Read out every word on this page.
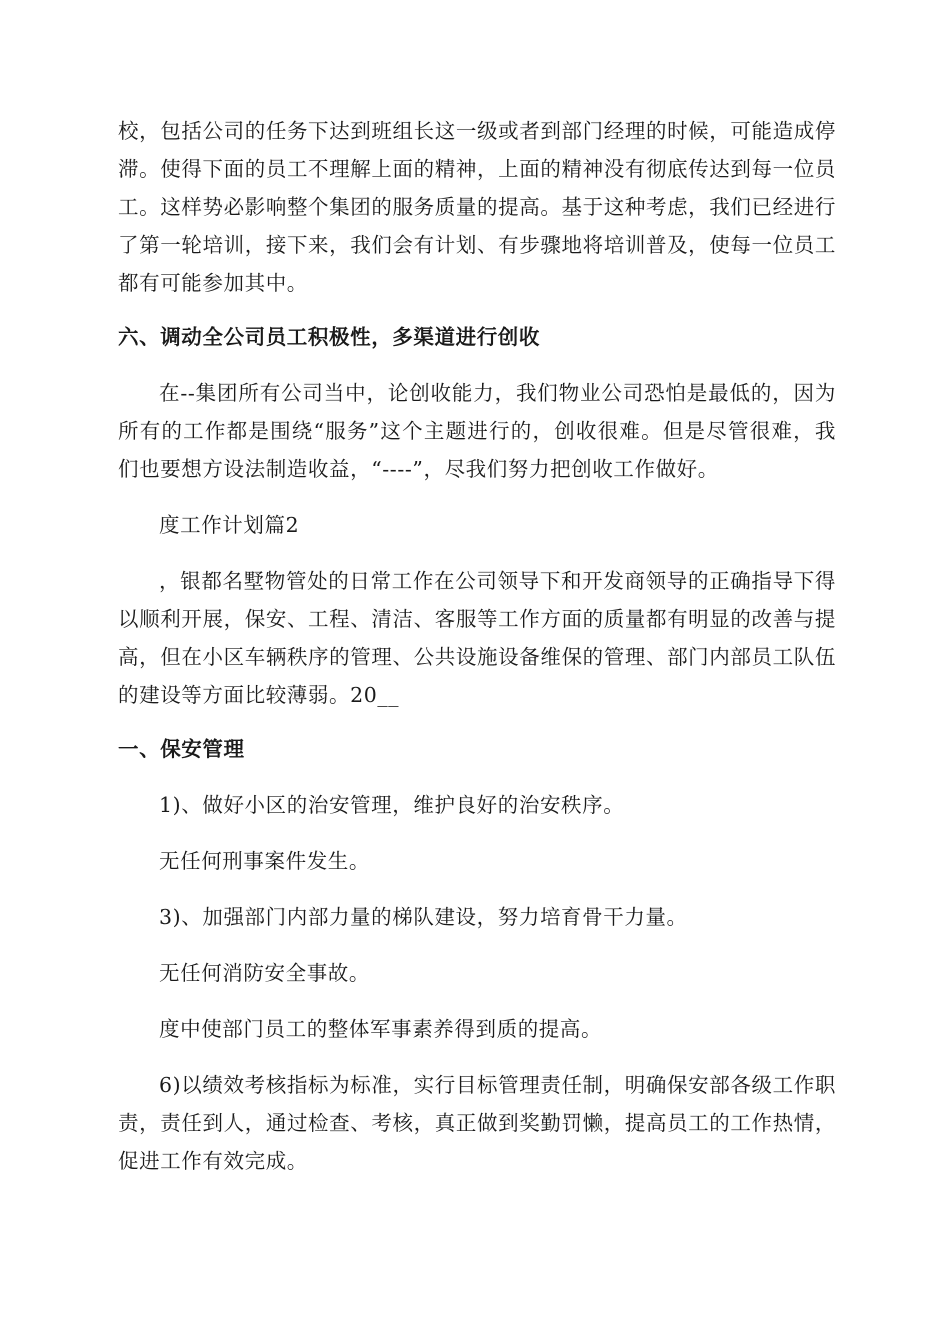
校，包括公司的任务下达到班组长这一级或者到部门经理的时候，可能造成停滞。使得下面的员工不理解上面的精神，上面的精神没有彻底传达到每一位员工。这样势必影响整个集团的服务质量的提高。基于这种考虑，我们已经进行了第一轮培训，接下来，我们会有计划、有步骤地将培训普及，使每一位员工都有可能参加其中。

六、调动全公司员工积极性，多渠道进行创收

在--集团所有公司当中，论创收能力，我们物业公司恐怕是最低的，因为所有的工作都是围绕“服务”这个主题进行的，创收很难。但是尽管很难，我们也要想方设法制造收益，“----”，尽我们努力把创收工作做好。

度工作计划篇2

，银都名墅物管处的日常工作在公司领导下和开发商领导的正确指导下得以顺利开展，保安、工程、清洁、客服等工作方面的质量都有明显的改善与提高，但在小区车辆秩序的管理、公共设施设备维保的管理、部门内部员工队伍的建设等方面比较薄弱。20__

一、保安管理

1)、做好小区的治安管理，维护良好的治安秩序。

无任何刑事案件发生。

3)、加强部门内部力量的梯队建设，努力培育骨干力量。

无任何消防安全事故。

度中使部门员工的整体军事素养得到质的提高。

6)以绩效考核指标为标准，实行目标管理责任制，明确保安部各级工作职责，责任到人，通过检查、考核，真正做到奖勤罚懒，提高员工的工作热情，促进工作有效完成。
